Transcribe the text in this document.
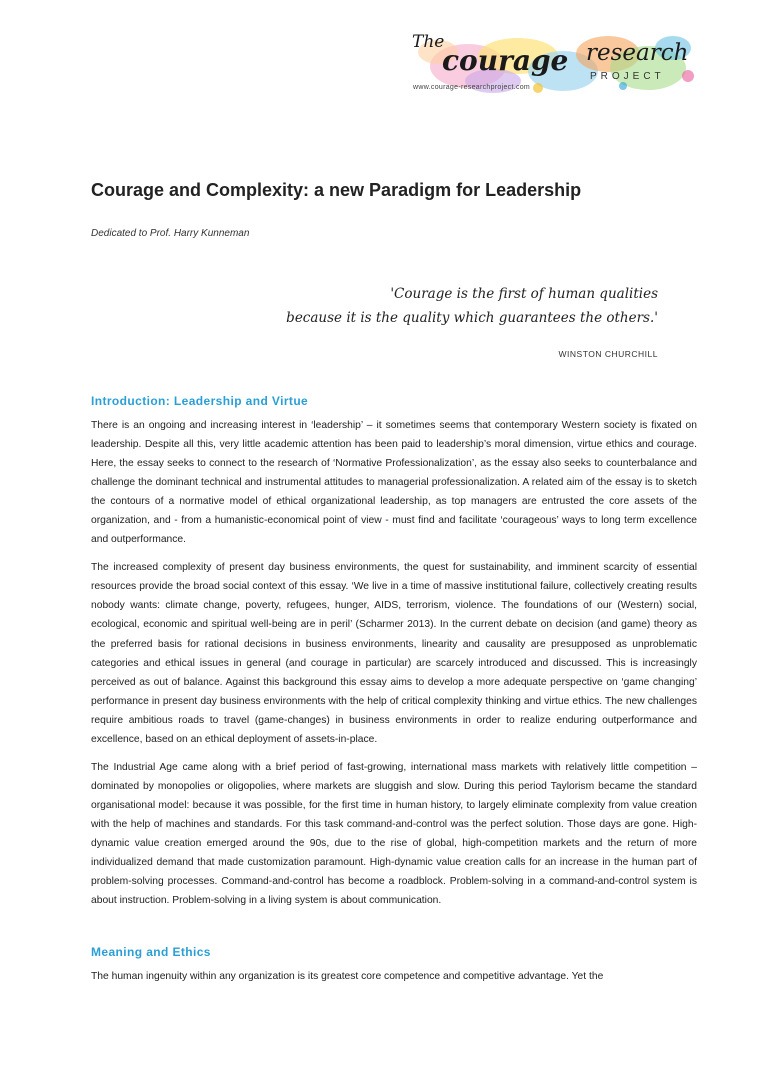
The
courage research
PROJECT
www.courage-researchproject.com
Courage and Complexity: a new Paradigm for Leadership
Dedicated to Prof. Harry Kunneman
'Courage is the first of human qualities
because it is the quality which guarantees the others.'
WINSTON CHURCHILL
Introduction: Leadership and Virtue

There is an ongoing and increasing interest in ‘leadership’ – it sometimes seems that contemporary Western society is fixated on leadership. Despite all this, very little academic attention has been paid to leadership’s moral dimension, virtue ethics and courage. Here, the essay seeks to connect to the research of ‘Normative Professionalization’, as the essay also seeks to counterbalance and challenge the dominant technical and instrumental attitudes to managerial professionalization. A related aim of the essay is to sketch the contours of a normative model of ethical organizational leadership, as top managers are entrusted the core assets of the organization, and - from a humanistic-economical point of view - must find and facilitate ‘courageous’ ways to long term excellence and outperformance.

The increased complexity of present day business environments, the quest for sustainability, and imminent scarcity of essential resources provide the broad social context of this essay. ‘We live in a time of massive institutional failure, collectively creating results nobody wants: climate change, poverty, refugees, hunger, AIDS, terrorism, violence. The foundations of our (Western) social, ecological, economic and spiritual well-being are in peril’ (Scharmer 2013). In the current debate on decision (and game) theory as the preferred basis for rational decisions in business environments, linearity and causality are presupposed as unproblematic categories and ethical issues in general (and courage in particular) are scarcely introduced and discussed. This is increasingly perceived as out of balance. Against this background this essay aims to develop a more adequate perspective on ‘game changing’ performance in present day business environments with the help of critical complexity thinking and virtue ethics. The new challenges require ambitious roads to travel (game-changes) in business environments in order to realize enduring outperformance and excellence, based on an ethical deployment of assets-in-place.

The Industrial Age came along with a brief period of fast-growing, international mass markets with relatively little competition – dominated by monopolies or oligopolies, where markets are sluggish and slow. During this period Taylorism became the standard organisational model: because it was possible, for the first time in human history, to largely eliminate complexity from value creation with the help of machines and standards. For this task command-and-control was the perfect solution. Those days are gone. High-dynamic value creation emerged around the 90s, due to the rise of global, high-competition markets and the return of more individualized demand that made customization paramount. High-dynamic value creation calls for an increase in the human part of problem-solving processes. Command-and-control has become a roadblock. Problem-solving in a command-and-control system is about instruction. Problem-solving in a living system is about communication.

Meaning and Ethics

The human ingenuity within any organization is its greatest core competence and competitive advantage. Yet the
